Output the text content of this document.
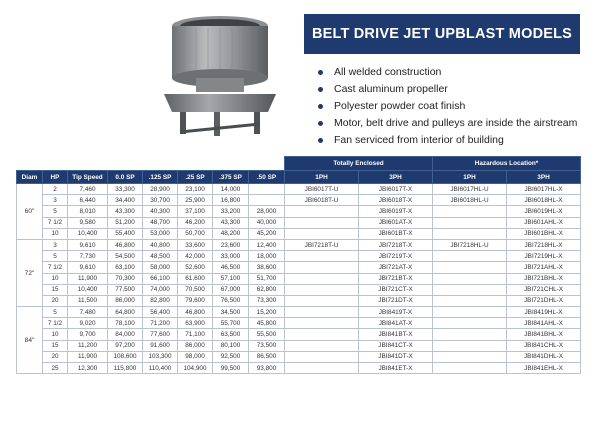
BELT DRIVE JET UPBLAST MODELS
All welded construction
Cast aluminum propeller
Polyester powder coat finish
Motor, belt drive and pulleys are inside the airstream
Fan serviced from interior of building
								Totally Enclosed		Hazardous Location*	
Diam	HP	Tip Speed	0.0 SP	.125 SP	.25 SP	.375 SP	.50 SP	1PH	3PH	1PH	3PH
60"	2	7,460	33,300	28,900	23,100	14,000		JBI6017T-U	JBI6017T-X	JBI6017HL-U	JBI6017HL-X
	3	6,440	34,400	30,700	25,900	16,800		JBI6018T-U	JBI6018T-X	JBI6018HL-U	JBI6018HL-X
	5	8,010	43,300	40,300	37,100	33,200	28,000		JBI6019T-X		JBI6019HL-X
	7 1/2	9,580	51,200	48,700	46,200	43,300	40,000		JBI601AT-X		JBI601AHL-X
	10	10,400	55,400	53,000	50,700	48,200	45,200		JBI601BT-X		JBI601BHL-X
72"	3	9,610	46,800	40,800	33,600	23,600	12,400	JBI7218T-U	JBI7218T-X	JBI7218HL-U	JBI7218HL-X
	5	7,730	54,500	48,500	42,000	33,000	18,000		JBI7219T-X		JBI7219HL-X
	7 1/2	9,610	63,100	58,000	52,600	46,500	38,600		JBI721AT-X		JBI721AHL-X
	10	11,900	70,300	66,100	61,600	57,100	51,700		JBI721BT-X		JBI721BHL-X
	15	10,400	77,500	74,000	70,500	67,000	62,800		JBI721CT-X		JBI721CHL-X
	20	11,500	86,000	82,800	79,600	76,500	73,300		JBI721DT-X		JBI721DHL-X
84"	5	7,480	64,800	56,400	46,800	34,500	15,200		JBI8419T-X		JBI8419HL-X
	7 1/2	9,020	78,100	71,200	63,900	55,700	45,800		JBI841AT-X		JBI841AHL-X
	10	9,700	84,000	77,600	71,100	63,500	55,500		JBI841BT-X		JBI841BHL-X
	15	11,200	97,200	91,600	86,000	80,100	73,500		JBI841CT-X		JBI841CHL-X
	20	11,900	108,600	103,300	98,000	92,500	86,500		JBI841DT-X		JBI841DHL-X
	25	12,300	115,800	110,400	104,900	99,500	93,800		JBI841ET-X		JBI841EHL-X
